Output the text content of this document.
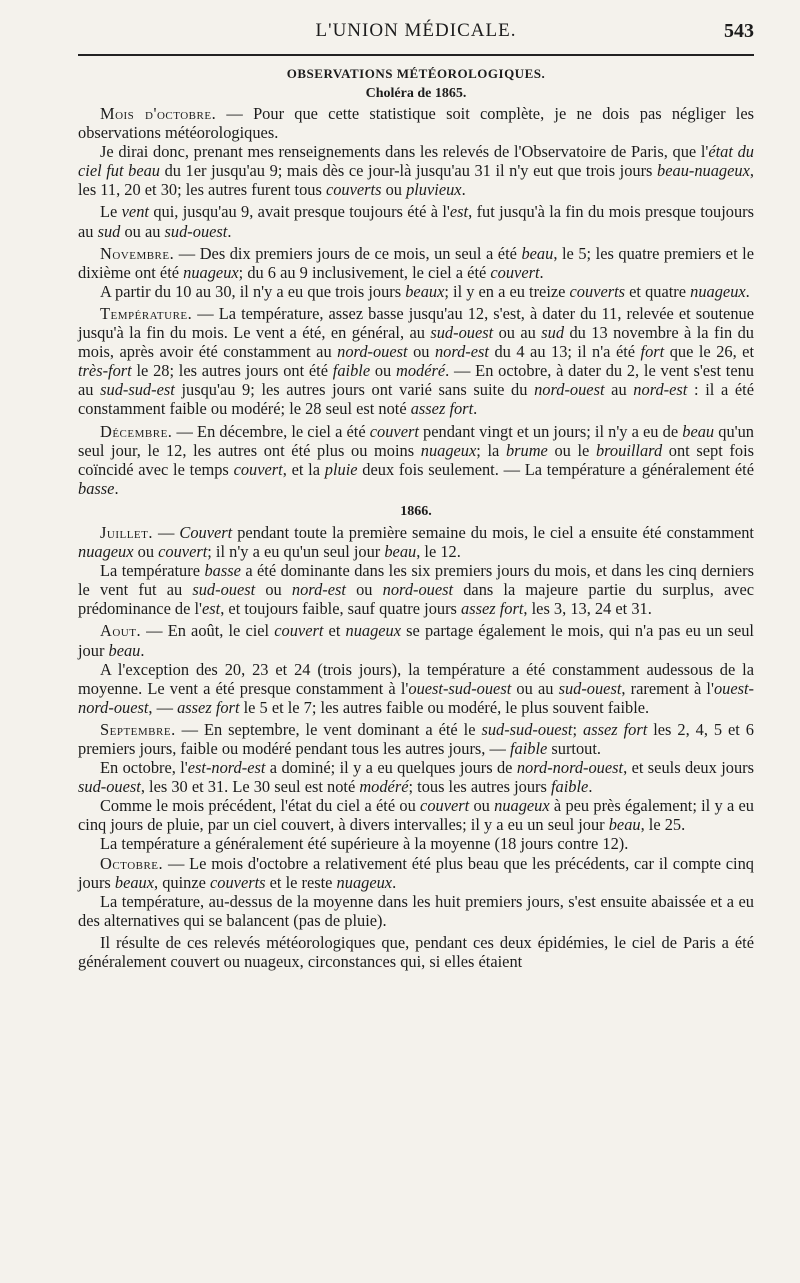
L'UNION MÉDICALE.	543
OBSERVATIONS MÉTÉOROLOGIQUES.
Choléra de 1865.

Mois d'octobre. — Pour que cette statistique soit complète, je ne dois pas négliger les observations météorologiques.

Je dirai donc, prenant mes renseignements dans les relevés de l'Observatoire de Paris, que l'état du ciel fut beau du 1er jusqu'au 9; mais dès ce jour-là jusqu'au 31 il n'y eut que trois jours beau-nuageux, les 11, 20 et 30; les autres furent tous couverts ou pluvieux.

Le vent qui, jusqu'au 9, avait presque toujours été à l'est, fut jusqu'à la fin du mois presque toujours au sud ou au sud-ouest.

Novembre. — Des dix premiers jours de ce mois, un seul a été beau, le 5; les quatre premiers et le dixième ont été nuageux; du 6 au 9 inclusivement, le ciel a été couvert.

A partir du 10 au 30, il n'y a eu que trois jours beaux; il y en a eu treize couverts et quatre nuageux.

Température. — La température, assez basse jusqu'au 12, s'est, à dater du 11, relevée et soutenue jusqu'à la fin du mois. Le vent a été, en général, au sud-ouest ou au sud du 13 novembre à la fin du mois, après avoir été constamment au nord-ouest ou nord-est du 4 au 13; il n'a été fort que le 26, et très-fort le 28; les autres jours ont été faible ou modéré. — En octobre, à dater du 2, le vent s'est tenu au sud-sud-est jusqu'au 9; les autres jours ont varié sans suite du nord-ouest au nord-est : il a été constamment faible ou modéré; le 28 seul est noté assez fort.

Décembre. — En décembre, le ciel a été couvert pendant vingt et un jours; il n'y a eu de beau qu'un seul jour, le 12, les autres ont été plus ou moins nuageux; la brume ou le brouillard ont sept fois coïncidé avec le temps couvert, et la pluie deux fois seulement. — La température a généralement été basse.

1866.

Juillet. — Couvert pendant toute la première semaine du mois, le ciel a ensuite été constamment nuageux ou couvert; il n'y a eu qu'un seul jour beau, le 12.

La température basse a été dominante dans les six premiers jours du mois, et dans les cinq derniers le vent fut au sud-ouest ou nord-est ou nord-ouest dans la majeure partie du surplus, avec prédominance de l'est, et toujours faible, sauf quatre jours assez fort, les 3, 13, 24 et 31.

Aout. — En août, le ciel couvert et nuageux se partage également le mois, qui n'a pas eu un seul jour beau.

A l'exception des 20, 23 et 24 (trois jours), la température a été constamment audessous de la moyenne. Le vent a été presque constamment à l'ouest-sud-ouest ou au sud-ouest, rarement à l'ouest-nord-ouest, — assez fort le 5 et le 7; les autres faible ou modéré, le plus souvent faible.

Septembre. — En septembre, le vent dominant a été le sud-sud-ouest; assez fort les 2, 4, 5 et 6 premiers jours, faible ou modéré pendant tous les autres jours, — faible surtout.

En octobre, l'est-nord-est a dominé; il y a eu quelques jours de nord-nord-ouest, et seuls deux jours sud-ouest, les 30 et 31. Le 30 seul est noté modéré; tous les autres jours faible.

Comme le mois précédent, l'état du ciel a été ou couvert ou nuageux à peu près également; il y a eu cinq jours de pluie, par un ciel couvert, à divers intervalles; il y a eu un seul jour beau, le 25.

La température a généralement été supérieure à la moyenne (18 jours contre 12).

Octobre. — Le mois d'octobre a relativement été plus beau que les précédents, car il compte cinq jours beaux, quinze couverts et le reste nuageux.

La température, au-dessus de la moyenne dans les huit premiers jours, s'est ensuite abaissée et a eu des alternatives qui se balancent (pas de pluie).

Il résulte de ces relevés météorologiques que, pendant ces deux épidémies, le ciel de Paris a été généralement couvert ou nuageux, circonstances qui, si elles étaient
